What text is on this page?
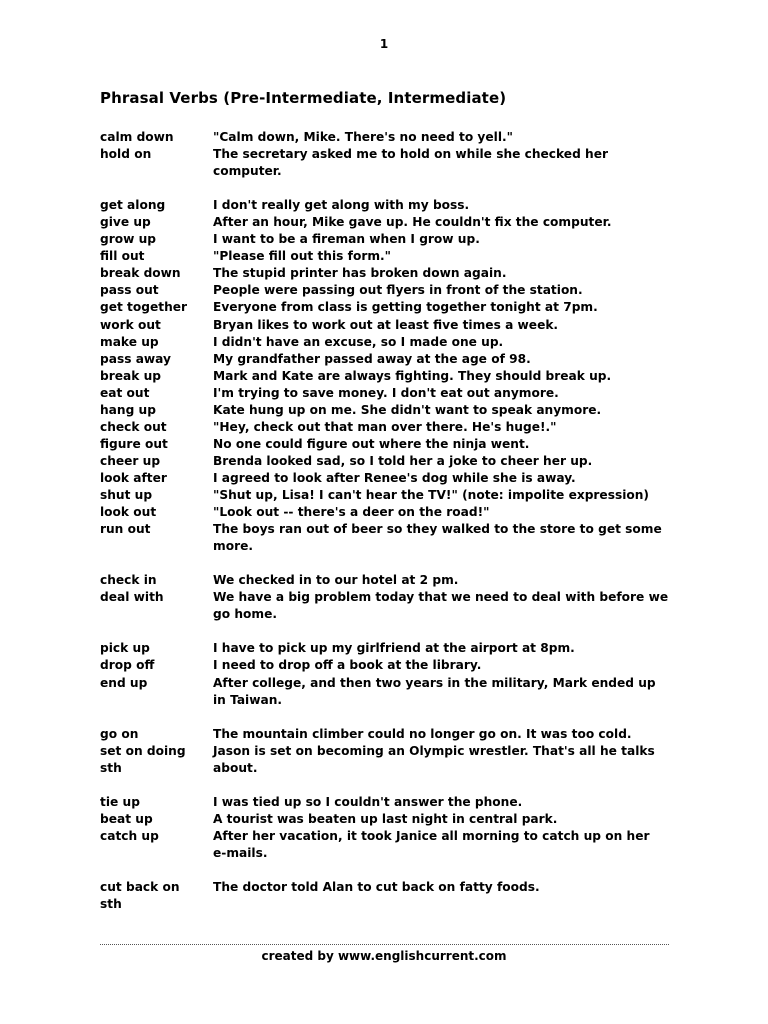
1
Phrasal Verbs (Pre-Intermediate, Intermediate)
calm down	"Calm down, Mike. There's no need to yell."
hold on	The secretary asked me to hold on while she checked her
computer.
get along	I don't really get along with my boss.
give up	After an hour, Mike gave up. He couldn't fix the computer.
grow up	I want to be a fireman when I grow up.
fill out	"Please fill out this form."
break down	The stupid printer has broken down again.
pass out	People were passing out flyers in front of the station.
get together	Everyone from class is getting together tonight at 7pm.
work out	Bryan likes to work out at least five times a week.
make up	I didn't have an excuse, so I made one up.
pass away	My grandfather passed away at the age of 98.
break up	Mark and Kate are always fighting. They should break up.
eat out	I'm trying to save money. I don't eat out anymore.
hang up	Kate hung up on me. She didn't want to speak anymore.
check out	"Hey, check out that man over there. He's huge!."
figure out	No one could figure out where the ninja went.
cheer up	Brenda looked sad, so I told her a joke to cheer her up.
look after	I agreed to look after Renee's dog while she is away.
shut up	"Shut up, Lisa! I can't hear the TV!" (note: impolite expression)
look out	"Look out -- there's a deer on the road!"
run out	The boys ran out of beer so they walked to the store to get some
more.
check in	We checked in to our hotel at 2 pm.
deal with	We have a big problem today that we need to deal with before we
go home.
pick up	I have to pick up my girlfriend at the airport at 8pm.
drop off	I need to drop off a book at the library.
end up	After college, and then two years in the military, Mark ended up
in Taiwan.
go on	The mountain climber could no longer go on. It was too cold.
set on doing	Jason is set on becoming an Olympic wrestler. That's all he talks
sth	about.
tie up	I was tied up so I couldn't answer the phone.
beat up	A tourist was beaten up last night in central park.
catch up	After her vacation, it took Janice all morning to catch up on her
e-mails.
cut back on	The doctor told Alan to cut back on fatty foods.
sth
created by www.englishcurrent.com
